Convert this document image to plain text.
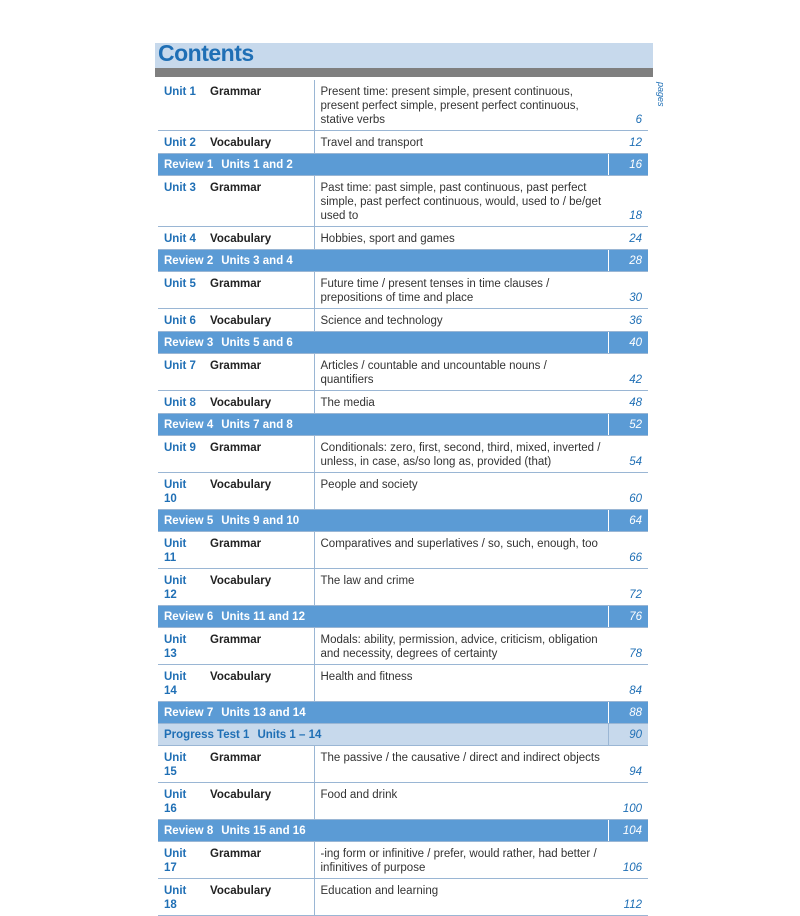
Contents
pages
Unit 1	Grammar	Present time: present simple, present continuous, present perfect simple, present perfect continuous, stative verbs	6
Unit 2	Vocabulary	Travel and transport	12
Review 1 Units 1 and 2			16
Unit 3	Grammar	Past time: past simple, past continuous, past perfect simple, past perfect continuous, would, used to / be/get used to	18
Unit 4	Vocabulary	Hobbies, sport and games	24
Review 2 Units 3 and 4			28
Unit 5	Grammar	Future time / present tenses in time clauses / prepositions of time and place	30
Unit 6	Vocabulary	Science and technology	36
Review 3 Units 5 and 6			40
Unit 7	Grammar	Articles / countable and uncountable nouns / quantifiers	42
Unit 8	Vocabulary	The media	48
Review 4 Units 7 and 8			52
Unit 9	Grammar	Conditionals: zero, first, second, third, mixed, inverted / unless, in case, as/so long as, provided (that)	54
Unit 10	Vocabulary	People and society	60
Review 5 Units 9 and 10			64
Unit 11	Grammar	Comparatives and superlatives / so, such, enough, too	66
Unit 12	Vocabulary	The law and crime	72
Review 6 Units 11 and 12			76
Unit 13	Grammar	Modals: ability, permission, advice, criticism, obligation and necessity, degrees of certainty	78
Unit 14	Vocabulary	Health and fitness	84
Review 7 Units 13 and 14			88
Progress Test 1 Units 1 – 14			90
Unit 15	Grammar	The passive / the causative / direct and indirect objects	94
Unit 16	Vocabulary	Food and drink	100
Review 8 Units 15 and 16			104
Unit 17	Grammar	-ing form or infinitive / prefer, would rather, had better / infinitives of purpose	106
Unit 18	Vocabulary	Education and learning	112
